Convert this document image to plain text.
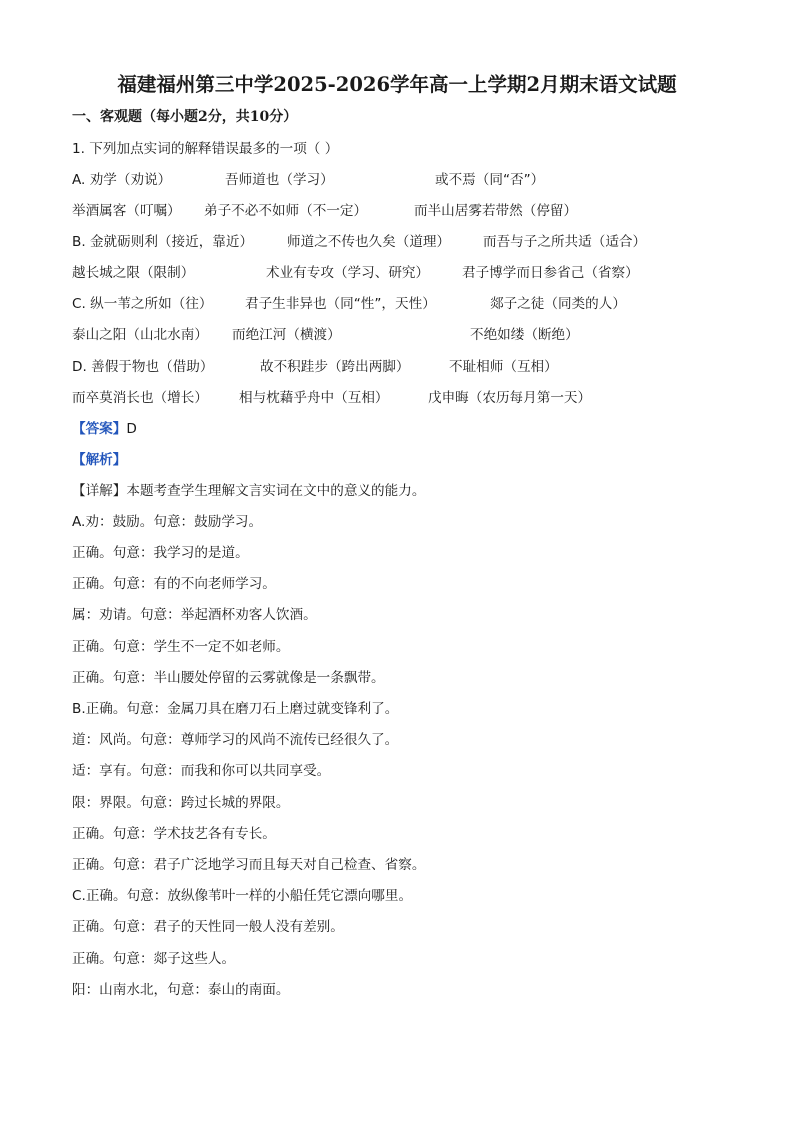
福建福州第三中学2025-2026学年高一上学期2月期末语文试题
一、客观题（每小题2分，共10分）
1. 下列加点实词的解释错误最多的一项（ ）
A. 劝学（劝说）	吾师道也（学习）	或不焉（同“否”）
举酒属客（叮嘱） 弟子不必不如师（不一定）	而半山居雾若带然（停留）
B. 金就砺则利（接近，靠近） 师道之不传也久矣（道理） 而吾与子之所共适（适合）
越长城之限（限制）	术业有专攻（学习、研究） 君子博学而日参省己（省察）
C. 纵一苇之所如（往） 君子生非异也（同“性”，天性）	郯子之徒（同类的人）
泰山之阳（山北水南） 而绝江河（横渡）	不绝如缕（断绝）
D. 善假于物也（借助）	故不积跬步（跨出两脚）	不耻相师（互相）
而卒莫消长也（增长） 相与枕藉乎舟中（互相）	戊申晦（农历每月第一天）
【答案】D
【解析】
【详解】本题考查学生理解文言实词在文中的意义的能力。
A.劝：鼓励。句意：鼓励学习。
正确。句意：我学习的是道。
正确。句意：有的不向老师学习。
属：劝请。句意：举起酒杯劝客人饮酒。
正确。句意：学生不一定不如老师。
正确。句意：半山腰处停留的云雾就像是一条飘带。
B.正确。句意：金属刀具在磨刀石上磨过就变锋利了。
道：风尚。句意：尊师学习的风尚不流传已经很久了。
适：享有。句意：而我和你可以共同享受。
限：界限。句意：跨过长城的界限。
正确。句意：学术技艺各有专长。
正确。句意：君子广泛地学习而且每天对自己检查、省察。
C.正确。句意：放纵像苇叶一样的小船任凭它漂向哪里。
正确。句意：君子的天性同一般人没有差别。
正确。句意：郯子这些人。
阳：山南水北，句意：泰山的南面。
